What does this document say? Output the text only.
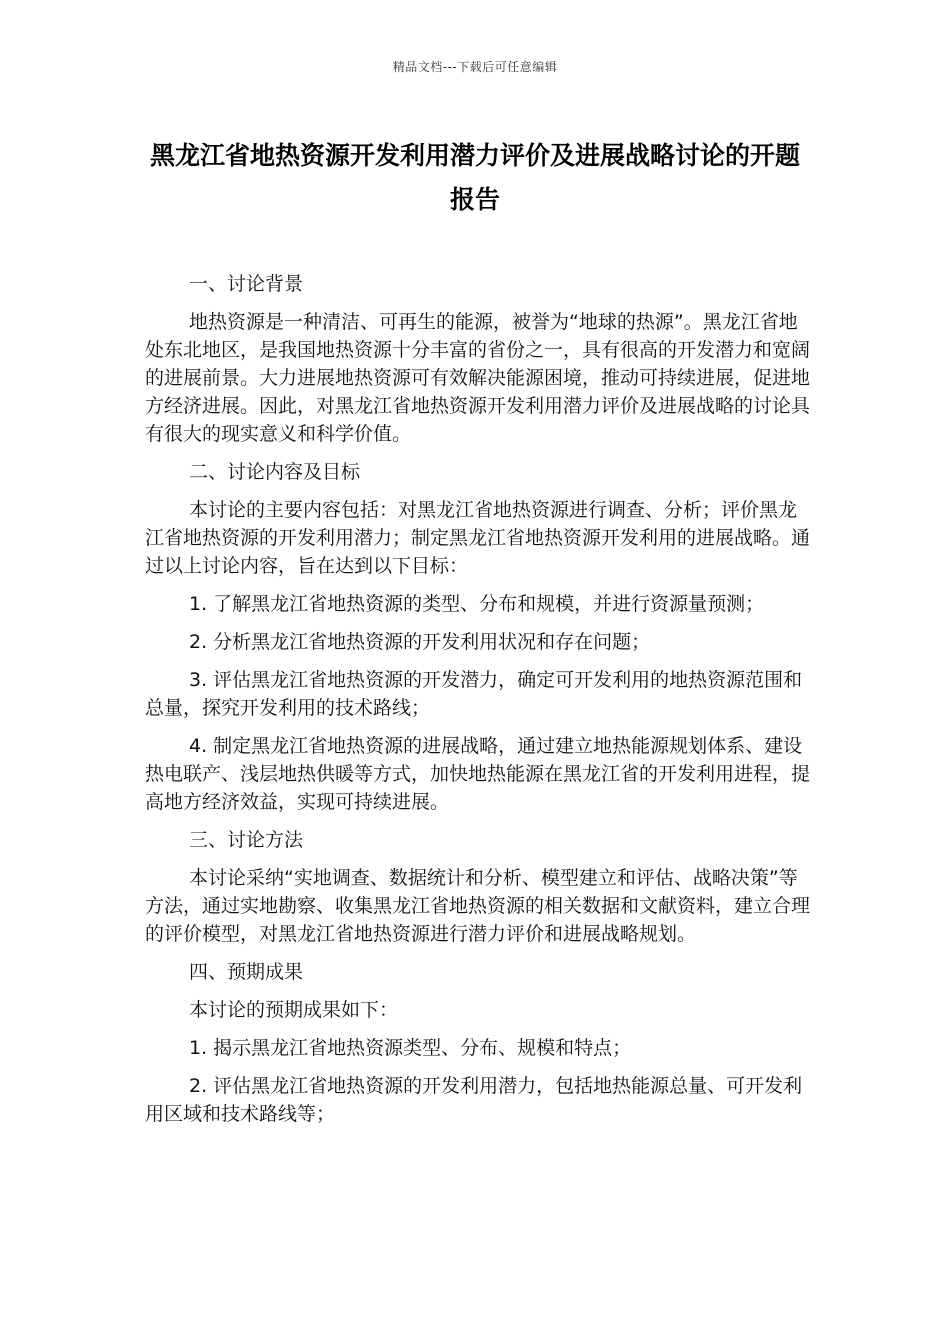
精品文档---下载后可任意编辑
黑龙江省地热资源开发利用潜力评价及进展战略讨论的开题报告

一、讨论背景

地热资源是一种清洁、可再生的能源，被誉为“地球的热源”。黑龙江省地处东北地区，是我国地热资源十分丰富的省份之一，具有很高的开发潜力和宽阔的进展前景。大力进展地热资源可有效解决能源困境，推动可持续进展，促进地方经济进展。因此，对黑龙江省地热资源开发利用潜力评价及进展战略的讨论具有很大的现实意义和科学价值。

二、讨论内容及目标

本讨论的主要内容包括：对黑龙江省地热资源进行调查、分析；评价黑龙江省地热资源的开发利用潜力；制定黑龙江省地热资源开发利用的进展战略。通过以上讨论内容，旨在达到以下目标：

1. 了解黑龙江省地热资源的类型、分布和规模，并进行资源量预测；

2. 分析黑龙江省地热资源的开发利用状况和存在问题；

3. 评估黑龙江省地热资源的开发潜力，确定可开发利用的地热资源范围和总量，探究开发利用的技术路线；

4. 制定黑龙江省地热资源的进展战略，通过建立地热能源规划体系、建设热电联产、浅层地热供暖等方式，加快地热能源在黑龙江省的开发利用进程，提高地方经济效益，实现可持续进展。

三、讨论方法

本讨论采纳“实地调查、数据统计和分析、模型建立和评估、战略决策”等方法，通过实地勘察、收集黑龙江省地热资源的相关数据和文献资料，建立合理的评价模型，对黑龙江省地热资源进行潜力评价和进展战略规划。

四、预期成果

本讨论的预期成果如下：

1. 揭示黑龙江省地热资源类型、分布、规模和特点；

2. 评估黑龙江省地热资源的开发利用潜力，包括地热能源总量、可开发利用区域和技术路线等；
